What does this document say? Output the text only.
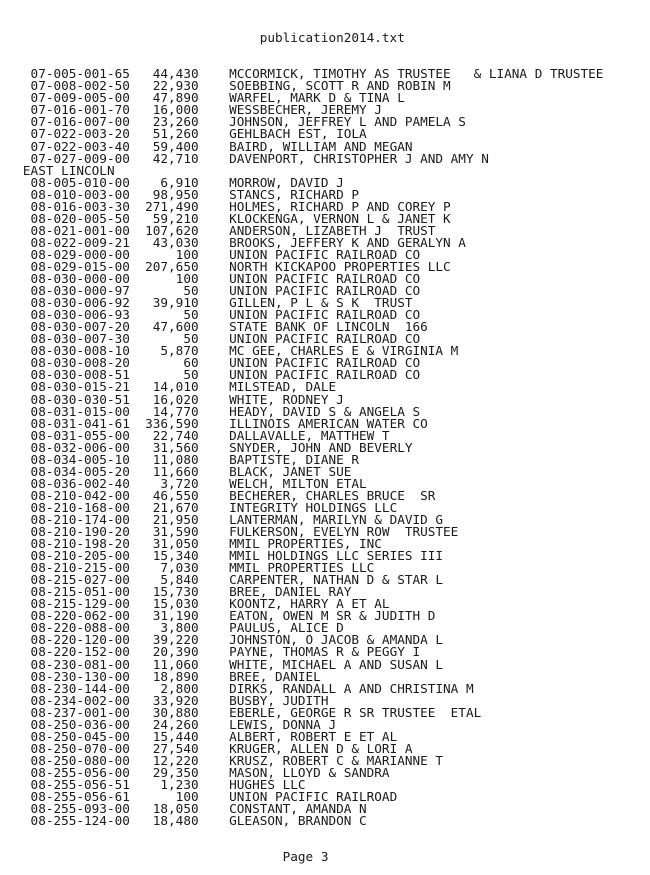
publication2014.txt

07-005-001-65   44,430    MCCORMICK, TIMOTHY AS TRUSTEE   & LIANA D TRUSTEE
07-008-002-50   22,930    SOEBBING, SCOTT R AND ROBIN M
07-009-005-00   47,890    WARFEL, MARK D & TINA L
07-016-001-70   16,000    WESSBECHER, JEREMY J
07-016-007-00   23,260    JOHNSON, JEFFREY L AND PAMELA S
07-022-003-20   51,260    GEHLBACH EST, IOLA
07-022-003-40   59,400    BAIRD, WILLIAM AND MEGAN
07-027-009-00   42,710    DAVENPORT, CHRISTOPHER J AND AMY N
EAST LINCOLN
08-005-010-00    6,910    MORROW, DAVID J
08-010-003-00   98,950    STANCS, RICHARD P
08-016-003-30  271,490    HOLMES, RICHARD P AND COREY P
08-020-005-50   59,210    KLOCKENGA, VERNON L & JANET K
08-021-001-00  107,620    ANDERSON, LIZABETH J  TRUST
08-022-009-21   43,030    BROOKS, JEFFERY K AND GERALYN A
08-029-000-00      100    UNION PACIFIC RAILROAD CO
08-029-015-00  207,650    NORTH KICKAPOO PROPERTIES LLC
08-030-000-00      100    UNION PACIFIC RAILROAD CO
08-030-000-97       50    UNION PACIFIC RAILROAD CO
08-030-006-92   39,910    GILLEN, P L & S K  TRUST
08-030-006-93       50    UNION PACIFIC RAILROAD CO
08-030-007-20   47,600    STATE BANK OF LINCOLN  166
08-030-007-30       50    UNION PACIFIC RAILROAD CO
08-030-008-10    5,870    MC GEE, CHARLES E & VIRGINIA M
08-030-008-20       60    UNION PACIFIC RAILROAD CO
08-030-008-51       50    UNION PACIFIC RAILROAD CO
08-030-015-21   14,010    MILSTEAD, DALE
08-030-030-51   16,020    WHITE, RODNEY J
08-031-015-00   14,770    HEADY, DAVID S & ANGELA S
08-031-041-61  336,590    ILLINOIS AMERICAN WATER CO
08-031-055-00   22,740    DALLAVALLE, MATTHEW T
08-032-006-00   31,560    SNYDER, JOHN AND BEVERLY
08-034-005-10   11,080    BAPTISTE, DIANE R
08-034-005-20   11,660    BLACK, JANET SUE
08-036-002-40    3,720    WELCH, MILTON ETAL
08-210-042-00   46,550    BECHERER, CHARLES BRUCE  SR
08-210-168-00   21,670    INTEGRITY HOLDINGS LLC
08-210-174-00   21,950    LANTERMAN, MARILYN & DAVID G
08-210-190-20   31,590    FULKERSON, EVELYN ROW  TRUSTEE
08-210-198-20   31,050    MMIL PROPERTIES, INC
08-210-205-00   15,340    MMIL HOLDINGS LLC SERIES III
08-210-215-00    7,030    MMIL PROPERTIES LLC
08-215-027-00    5,840    CARPENTER, NATHAN D & STAR L
08-215-051-00   15,730    BREE, DANIEL RAY
08-215-129-00   15,030    KOONTZ, HARRY A ET AL
08-220-062-00   31,190    EATON, OWEN M SR & JUDITH D
08-220-088-00    3,800    PAULUS, ALICE D
08-220-120-00   39,220    JOHNSTON, O JACOB & AMANDA L
08-220-152-00   20,390    PAYNE, THOMAS R & PEGGY I
08-230-081-00   11,060    WHITE, MICHAEL A AND SUSAN L
08-230-130-00   18,890    BREE, DANIEL
08-230-144-00    2,800    DIRKS, RANDALL A AND CHRISTINA M
08-234-002-00   33,920    BUSBY, JUDITH
08-237-001-00   30,880    EBERLE, GEORGE R SR TRUSTEE  ETAL
08-250-036-00   24,260    LEWIS, DONNA J
08-250-045-00   15,440    ALBERT, ROBERT E ET AL
08-250-070-00   27,540    KRUGER, ALLEN D & LORI A
08-250-080-00   12,220    KRUSZ, ROBERT C & MARIANNE T
08-255-056-00   29,350    MASON, LLOYD & SANDRA
08-255-056-51    1,230    HUGHES LLC
08-255-056-61      100    UNION PACIFIC RAILROAD
08-255-093-00   18,050    CONSTANT, AMANDA N
08-255-124-00   18,480    GLEASON, BRANDON C

Page 3
